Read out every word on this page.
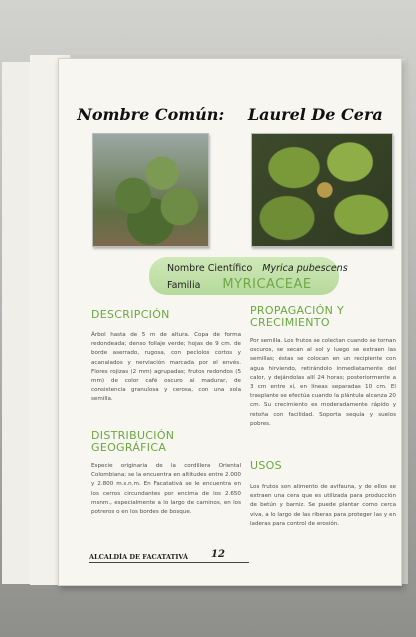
Nombre Común: Laurel De Cera
Nombre Científico Myrica pubescens
Familia MYRICACEAE
DESCRIPCIÓN
Árbol hasta de 5 m de altura. Copa de forma redondeada; denso follaje verde; hojas de 9 cm. de borde aserrado, rugosa, con pecíolos cortos y acanalados y nerviación marcada por el envés. Flores rojizas (2 mm) agrupadas; frutos redondos (5 mm) de color café oscuro al madurar, de consistencia granulosa y cerosa, con una sola semilla.
DISTRIBUCIÓN
GEOGRÁFICA
Especie originaria de la cordillera Oriental Colombiana; se la encuentra en altitudes entre 2.000 y 2.800 m.s.n.m. En Facatativá se le encuentra en los cerros circundantes por encima de los 2.650 msnm., especialmente a lo largo de caminos, en los potreros o en los bordes de bosque.
PROPAGACIÓN Y
CRECIMIENTO
Por semilla. Los frutos se colectan cuando se tornan oscuros, se secan al sol y luego se extraen las semillas; éstas se colocan en un recipiente con agua hirviendo, retirándolo inmediatamente del calor, y dejándolas allí 24 horas; posteriormente a 3 cm entre sí, en líneas separadas 10 cm. El trasplante se efectúa cuando la plántula alcanza 20 cm. Su crecimiento es moderadamente rápido y retoña con facilidad. Soporta sequía y suelos pobres.
USOS
Los frutos son alimento de avifauna, y de ellos se extraen una cera que es utilizada para producción de betún y barniz. Se puede plantar como cerca viva, a lo largo de las riberas para proteger las y en laderas para control de erosión.
ALCALDÍA DE FACATATIVÁ 12
